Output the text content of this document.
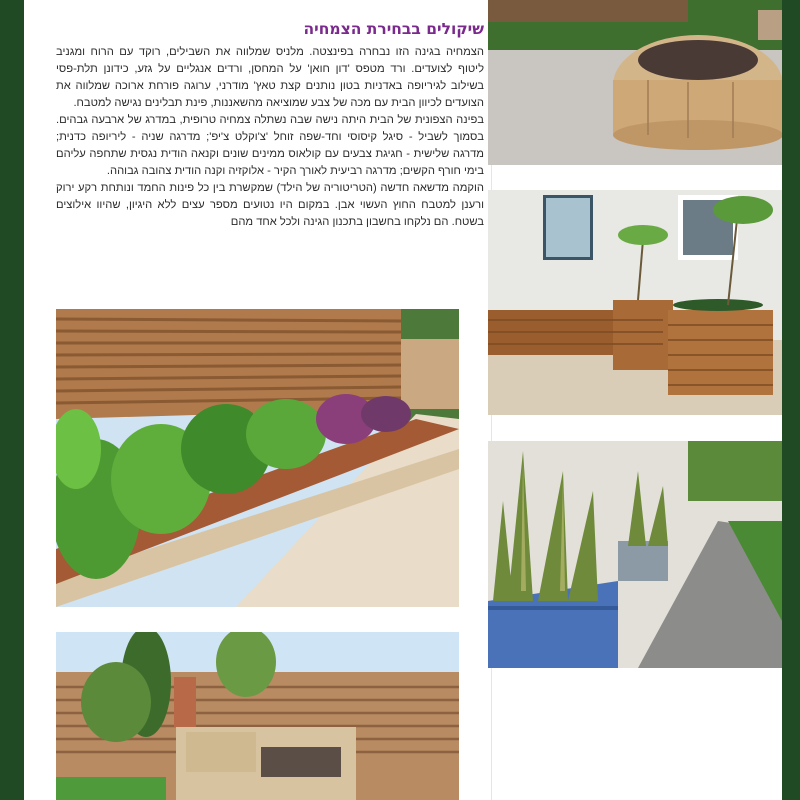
שיקולים בבחירת הצמחיה

הצמחיה בגינה הזו נבחרה בפינצטה. מלניס שמלווה את השבילים, רוקד עם הרוח ומגניב ליטוף לצועדים. ורד מטפס 'דון חואן' על המחסן, ורדים אנגליים על גזע, כידונן תלת-פסי בשילוב לגיריופה באדניות בטון נותנים קצת טאץ' מודרני, ערוגה פורחת ארוכה שמלווה את הצועדים לכיוון הבית עם מכה של צבע שמוציאה מהשאננות, פינת תבלינים נגישה למטבח.

בפינה הצפונית של הבית היתה נישה שבה נשתלה צמחיה טרופית, במדרג של ארבעה גבהים. בסמוך לשביל - סיגל קיסוסי וחד-שפה זוחל 'צ'וקלט צ'יפ'; מדרגה שניה - ליריופה כדנית; מדרגה שלישית - חגיגת צבעים עם קולאוס ממינים שונים וקנאה הודית נגסית שתחפה עליהם בימי חורף הקשים; מדרגה רביעית לאורך הקיר - אלוקזיה וקנה הודית צהובה גבוהה.

הוקמה מדשאה חדשה (הטריטוריה של הילד) שמקשרת בין כל פינות החמד ונותחת רקע ירוק ורענן למטבח החוץ העשוי אבן. במקום היו נטועים מספר עצים ללא היגיון, שהיוו אילוצים בשטח. הם נלקחו בחשבון בתכנון הגינה ולכל אחד מהם
